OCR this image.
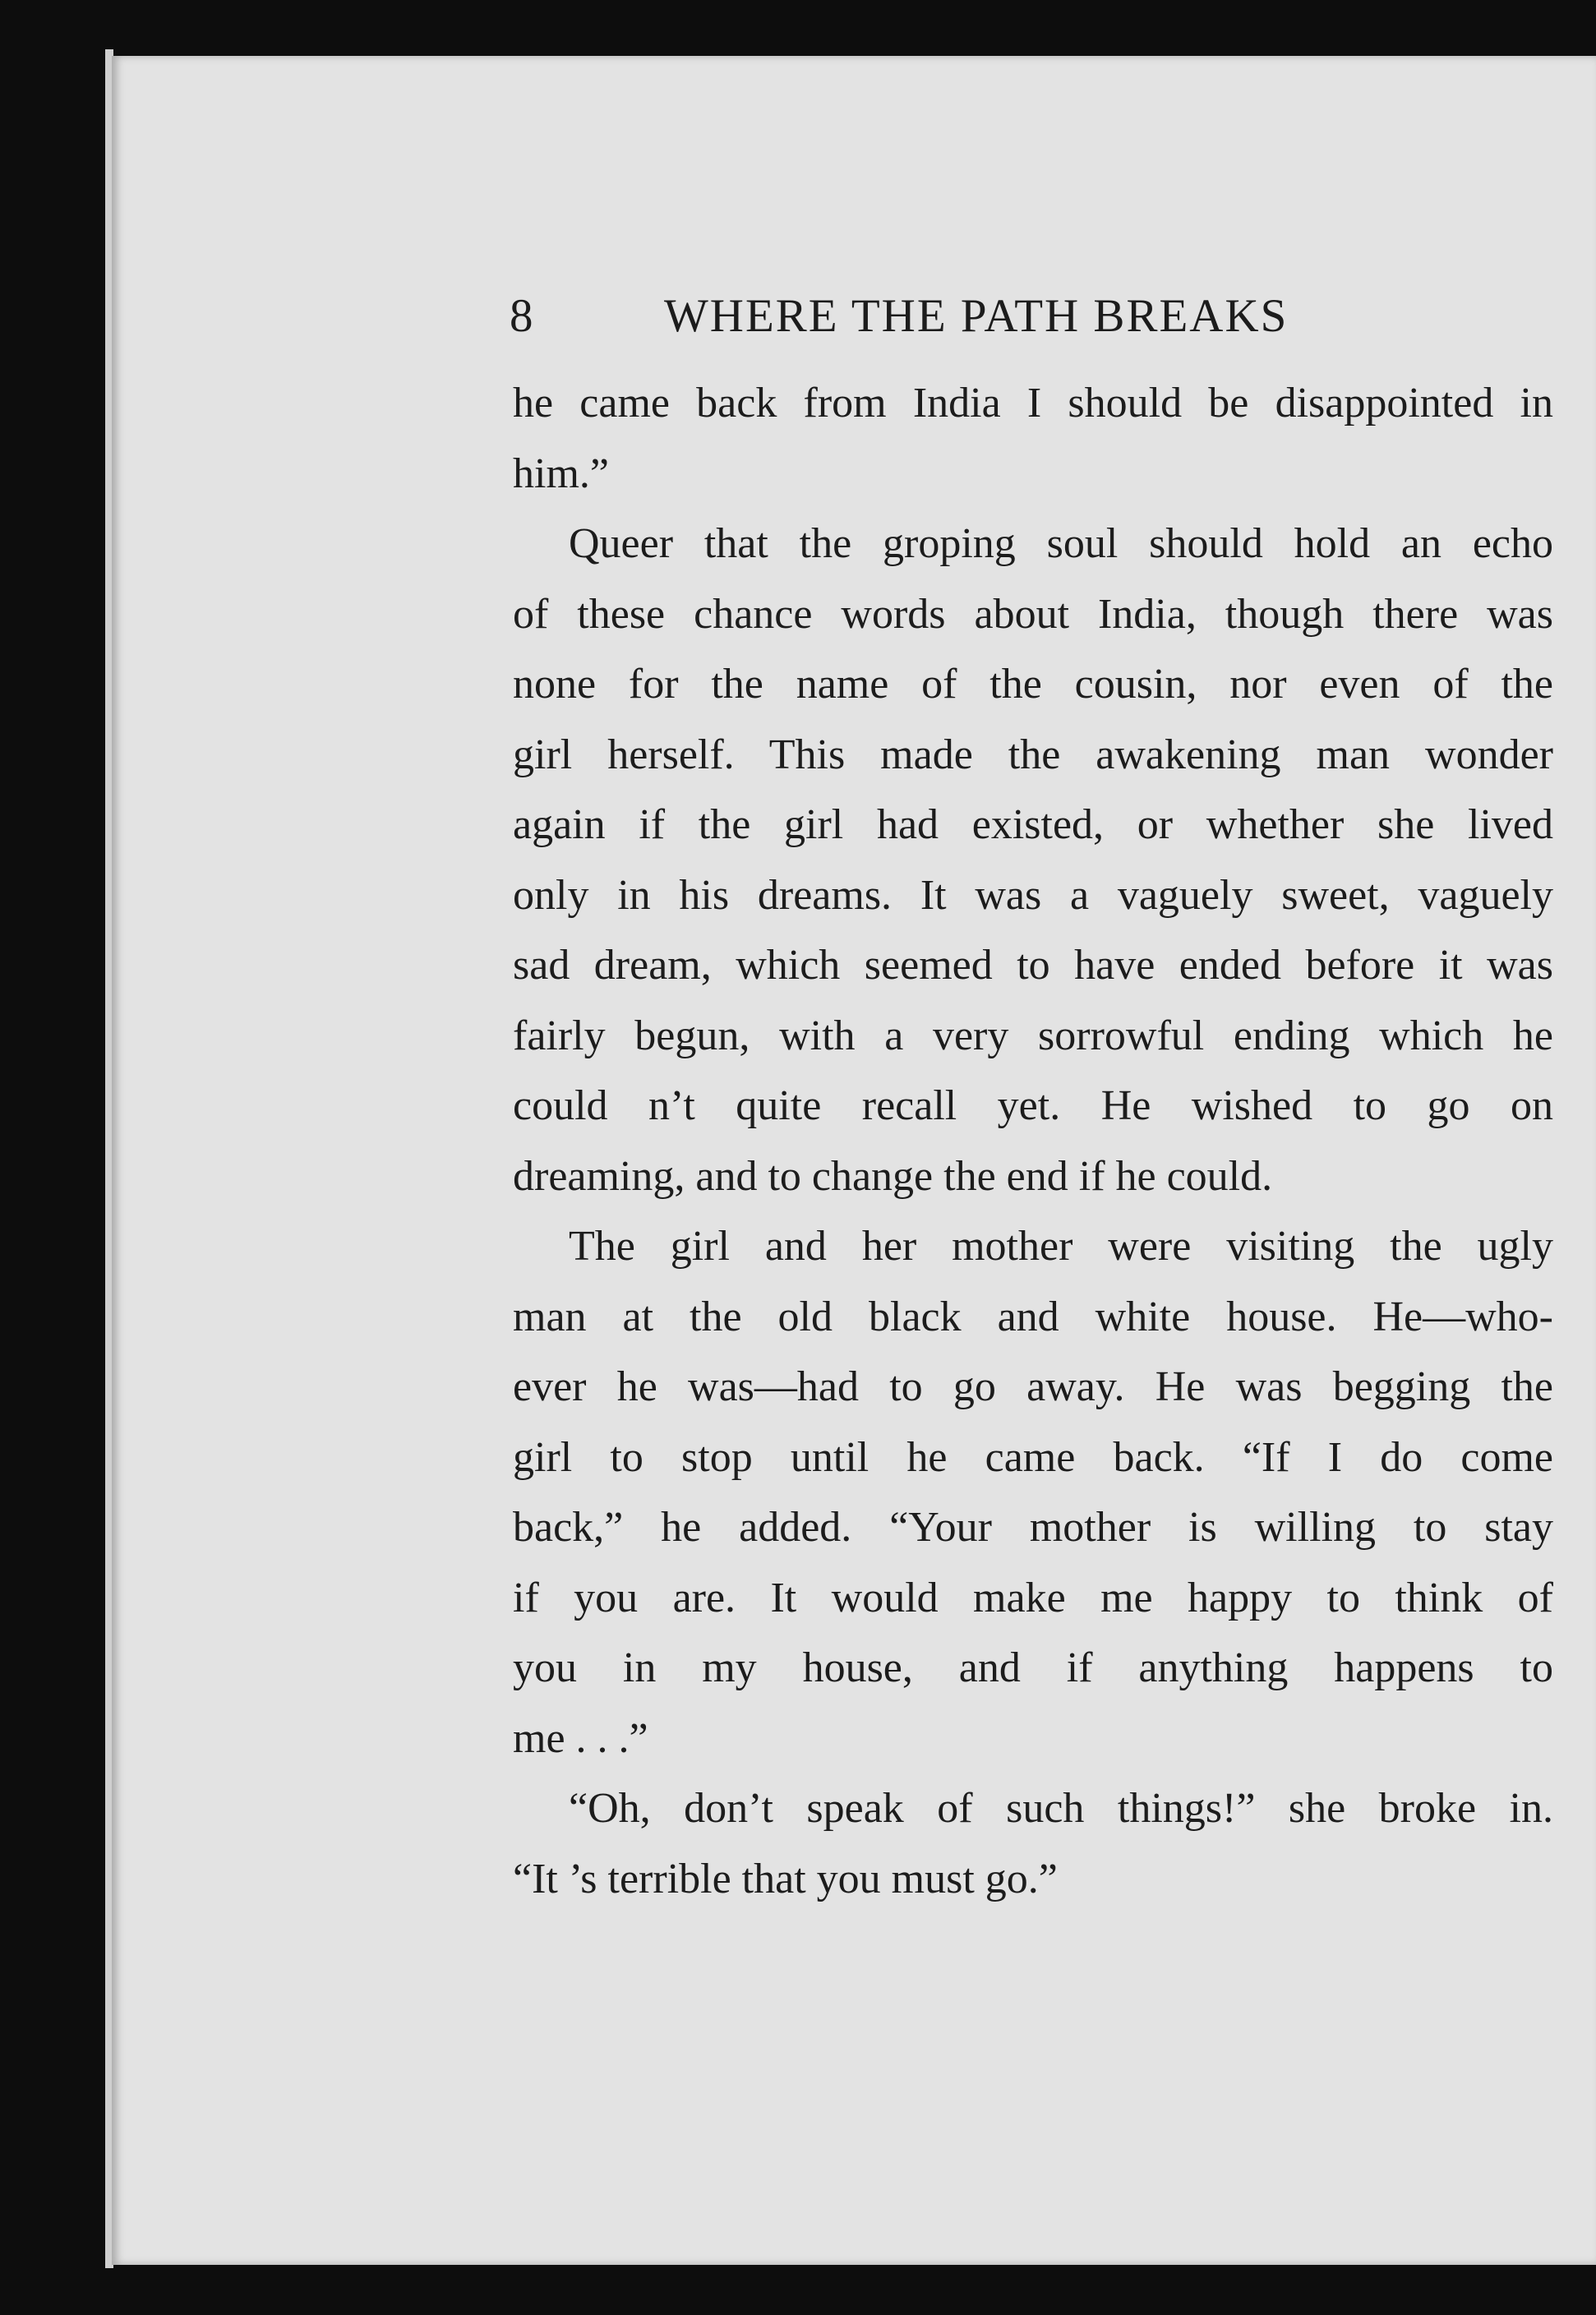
8	WHERE THE PATH BREAKS
he came back from India I should be disappointed in
him.”
Queer that the groping soul should hold an echo
of these chance words about India, though there was
none for the name of the cousin, nor even of the
girl herself. This made the awakening man wonder
again if the girl had existed, or whether she lived
only in his dreams. It was a vaguely sweet, vaguely
sad dream, which seemed to have ended before it was
fairly begun, with a very sorrowful ending which he
could n’t quite recall yet. He wished to go on
dreaming, and to change the end if he could.
The girl and her mother were visiting the ugly
man at the old black and white house. He—who-
ever he was—had to go away. He was begging the
girl to stop until he came back. “If I do come
back,” he added. “Your mother is willing to stay
if you are. It would make me happy to think of
you in my house, and if anything happens to
me . . .”
“Oh, don’t speak of such things!” she broke in.
“It ’s terrible that you must go.”
